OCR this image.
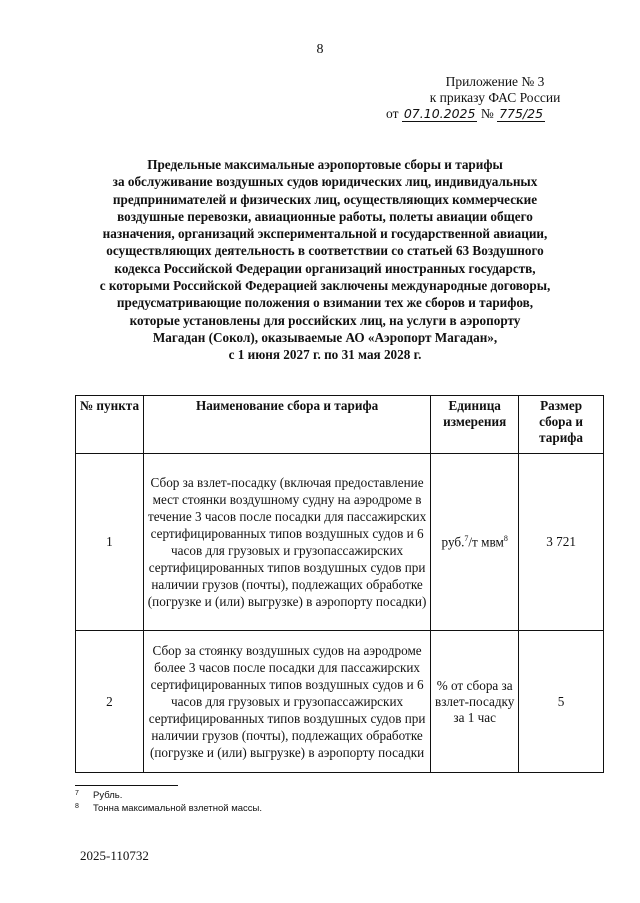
8
Приложение № 3
к приказу ФАС России
от 07.10.2025 № 775/25
Предельные максимальные аэропортовые сборы и тарифы
за обслуживание воздушных судов юридических лиц, индивидуальных
предпринимателей и физических лиц, осуществляющих коммерческие
воздушные перевозки, авиационные работы, полеты авиации общего
назначения, организаций экспериментальной и государственной авиации,
осуществляющих деятельность в соответствии со статьей 63 Воздушного
кодекса Российской Федерации организаций иностранных государств,
с которыми Российской Федерацией заключены международные договоры,
предусматривающие положения о взимании тех же сборов и тарифов,
которые установлены для российских лиц, на услуги в аэропорту
Магадан (Сокол), оказываемые АО «Аэропорт Магадан»,
с 1 июня 2027 г. по 31 мая 2028 г.
№ пункта	Наименование сбора и тарифа	Единица измерения	Размер сбора и тарифа
1	Сбор за взлет-посадку (включая предоставление мест стоянки воздушному судну на аэродроме в течение 3 часов после посадки для пассажирских сертифицированных типов воздушных судов и 6 часов для грузовых и грузопассажирских сертифицированных типов воздушных судов при наличии грузов (почты), подлежащих обработке (погрузке и (или) выгрузке) в аэропорту посадки)	руб.$^7$/т мвм$^8$	3 721
2	Сбор за стоянку воздушных судов на аэродроме более 3 часов после посадки для пассажирских сертифицированных типов воздушных судов и 6 часов для грузовых и грузопассажирских сертифицированных типов воздушных судов при наличии грузов (почты), подлежащих обработке (погрузке и (или) выгрузке) в аэропорту посадки	% от сбора за взлет-посадку за 1 час	5
7 Рубль.
8 Тонна максимальной взлетной массы.
2025-110732
